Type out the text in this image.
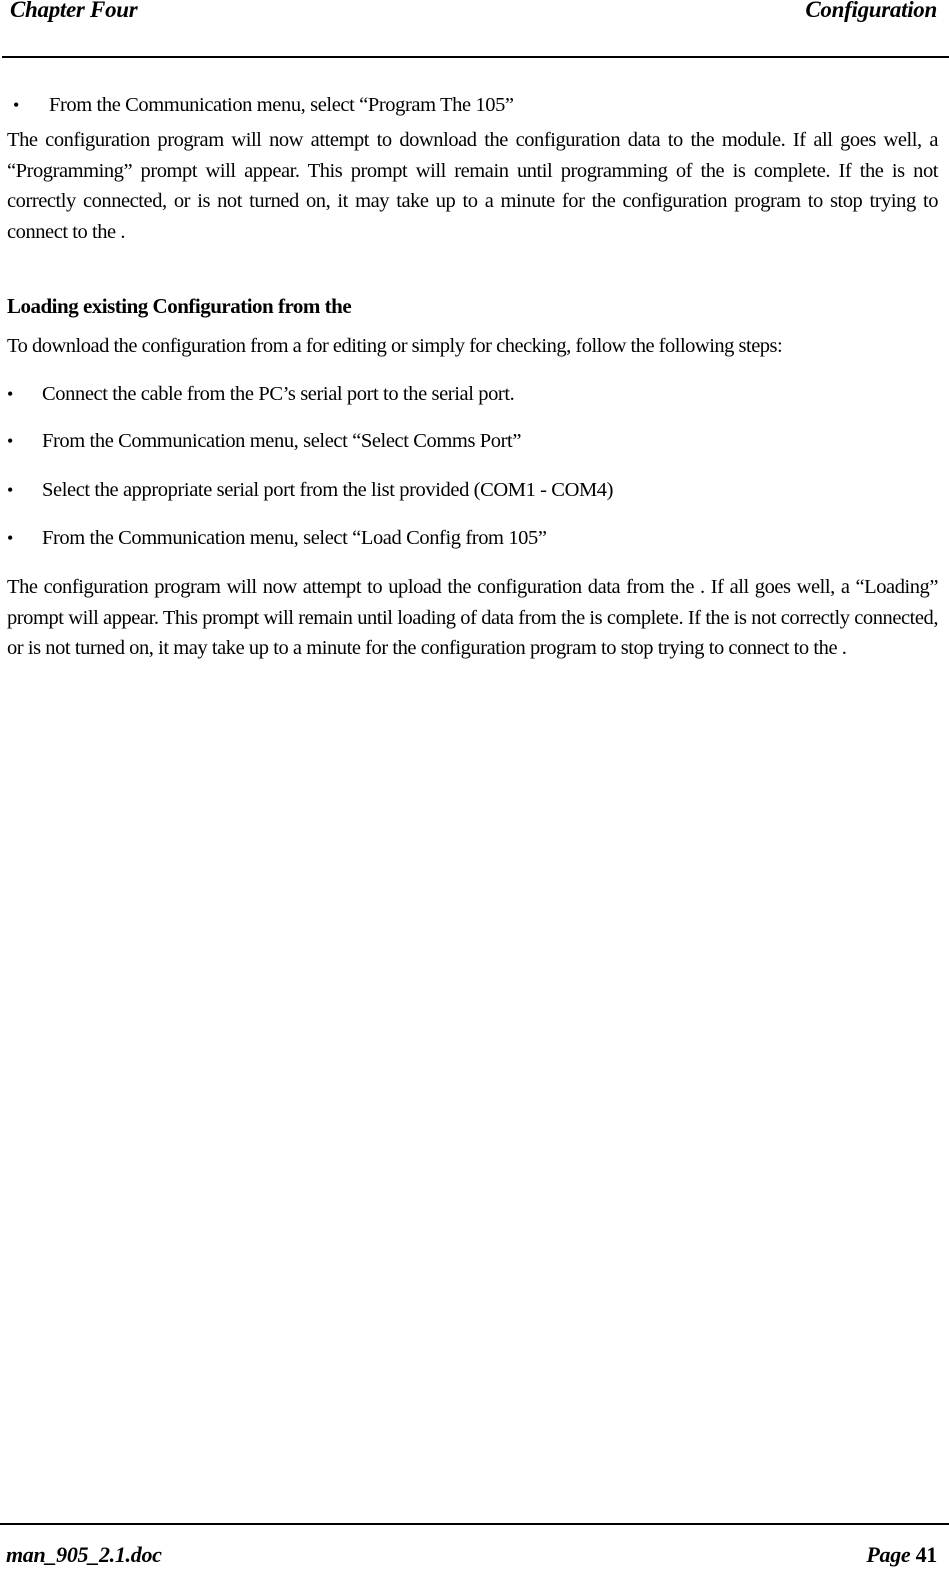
Chapter Four	Configuration
• From the Communication menu, select “Program The 105”

The configuration program will now attempt to download the configuration data to the module. If all goes well, a “Programming” prompt will appear. This prompt will remain until programming of the is complete. If the is not correctly connected, or is not turned on, it may take up to a minute for the configuration program to stop trying to connect to the .

Loading existing Configuration from the
To download the configuration from a for editing or simply for checking, follow the following steps:
• Connect the cable from the PC’s serial port to the serial port.
• From the Communication menu, select “Select Comms Port”
• Select the appropriate serial port from the list provided (COM1 - COM4)
• From the Communication menu, select “Load Config from 105”

The configuration program will now attempt to upload the configuration data from the . If all goes well, a “Loading” prompt will appear. This prompt will remain until loading of data from the is complete. If the is not correctly connected, or is not turned on, it may take up to a minute for the configuration program to stop trying to connect to the .

man_905_2.1.doc	Page 41
